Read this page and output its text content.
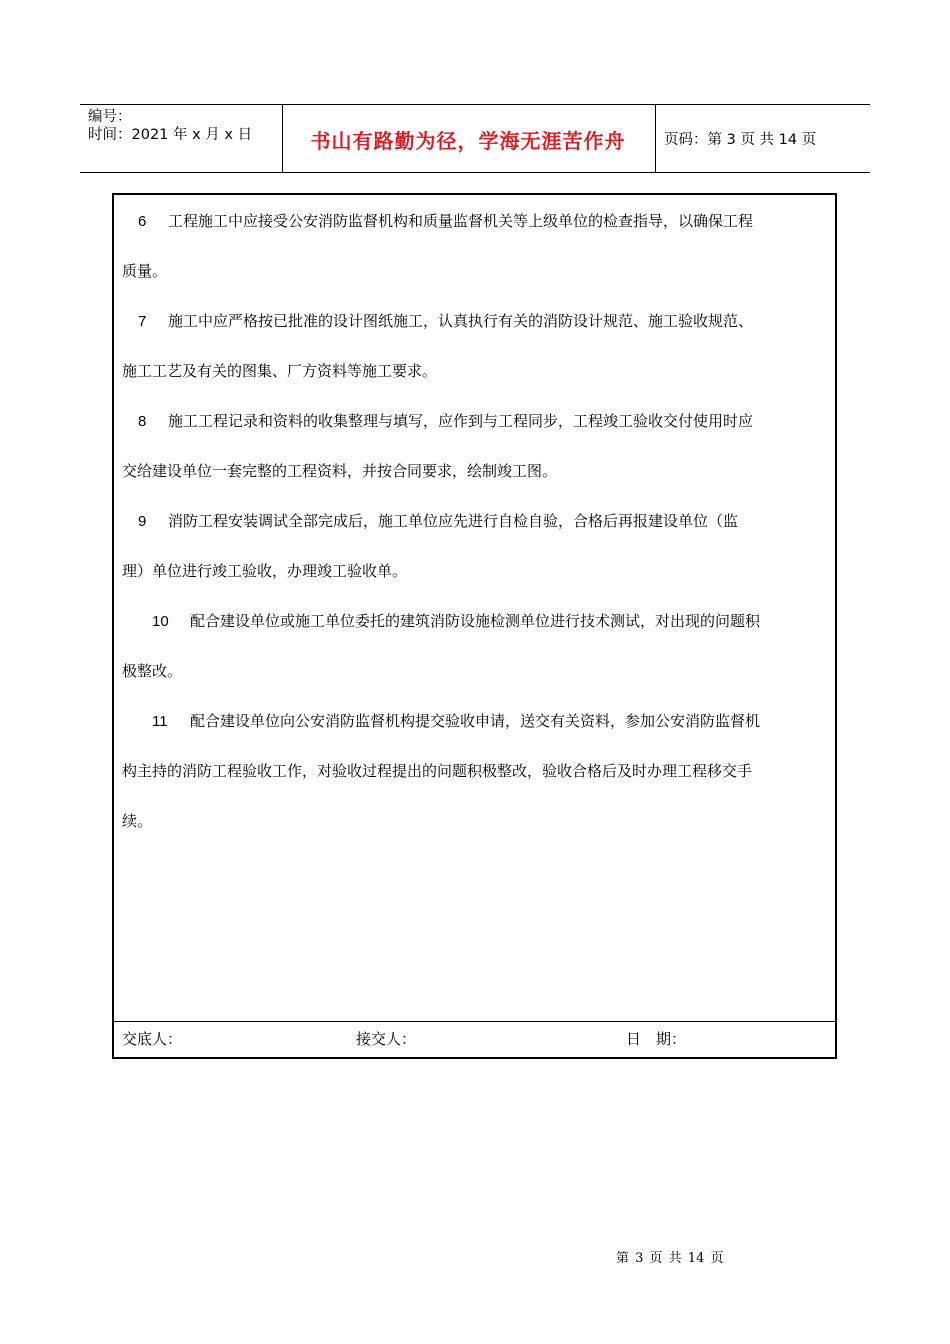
编号：
时间：2021 年 x 月 x 日	书山有路勤为径，学海无涯苦作舟	页码：第 3 页 共 14 页
6 工程施工中应接受公安消防监督机构和质量监督机关等上级单位的检查指导，以确保工程
质量。
7 施工中应严格按已批准的设计图纸施工，认真执行有关的消防设计规范、施工验收规范、
施工工艺及有关的图集、厂方资料等施工要求。
8 施工工程记录和资料的收集整理与填写，应作到与工程同步，工程竣工验收交付使用时应
交给建设单位一套完整的工程资料，并按合同要求，绘制竣工图。
9 消防工程安装调试全部完成后，施工单位应先进行自检自验，合格后再报建设单位（监
理）单位进行竣工验收，办理竣工验收单。
10 配合建设单位或施工单位委托的建筑消防设施检测单位进行技术测试，对出现的问题积
极整改。
11 配合建设单位向公安消防监督机构提交验收申请，送交有关资料，参加公安消防监督机
构主持的消防工程验收工作，对验收过程提出的问题积极整改，验收合格后及时办理工程移交手
续。
交底人：	接交人：	日　期：
第 3 页 共 14 页
